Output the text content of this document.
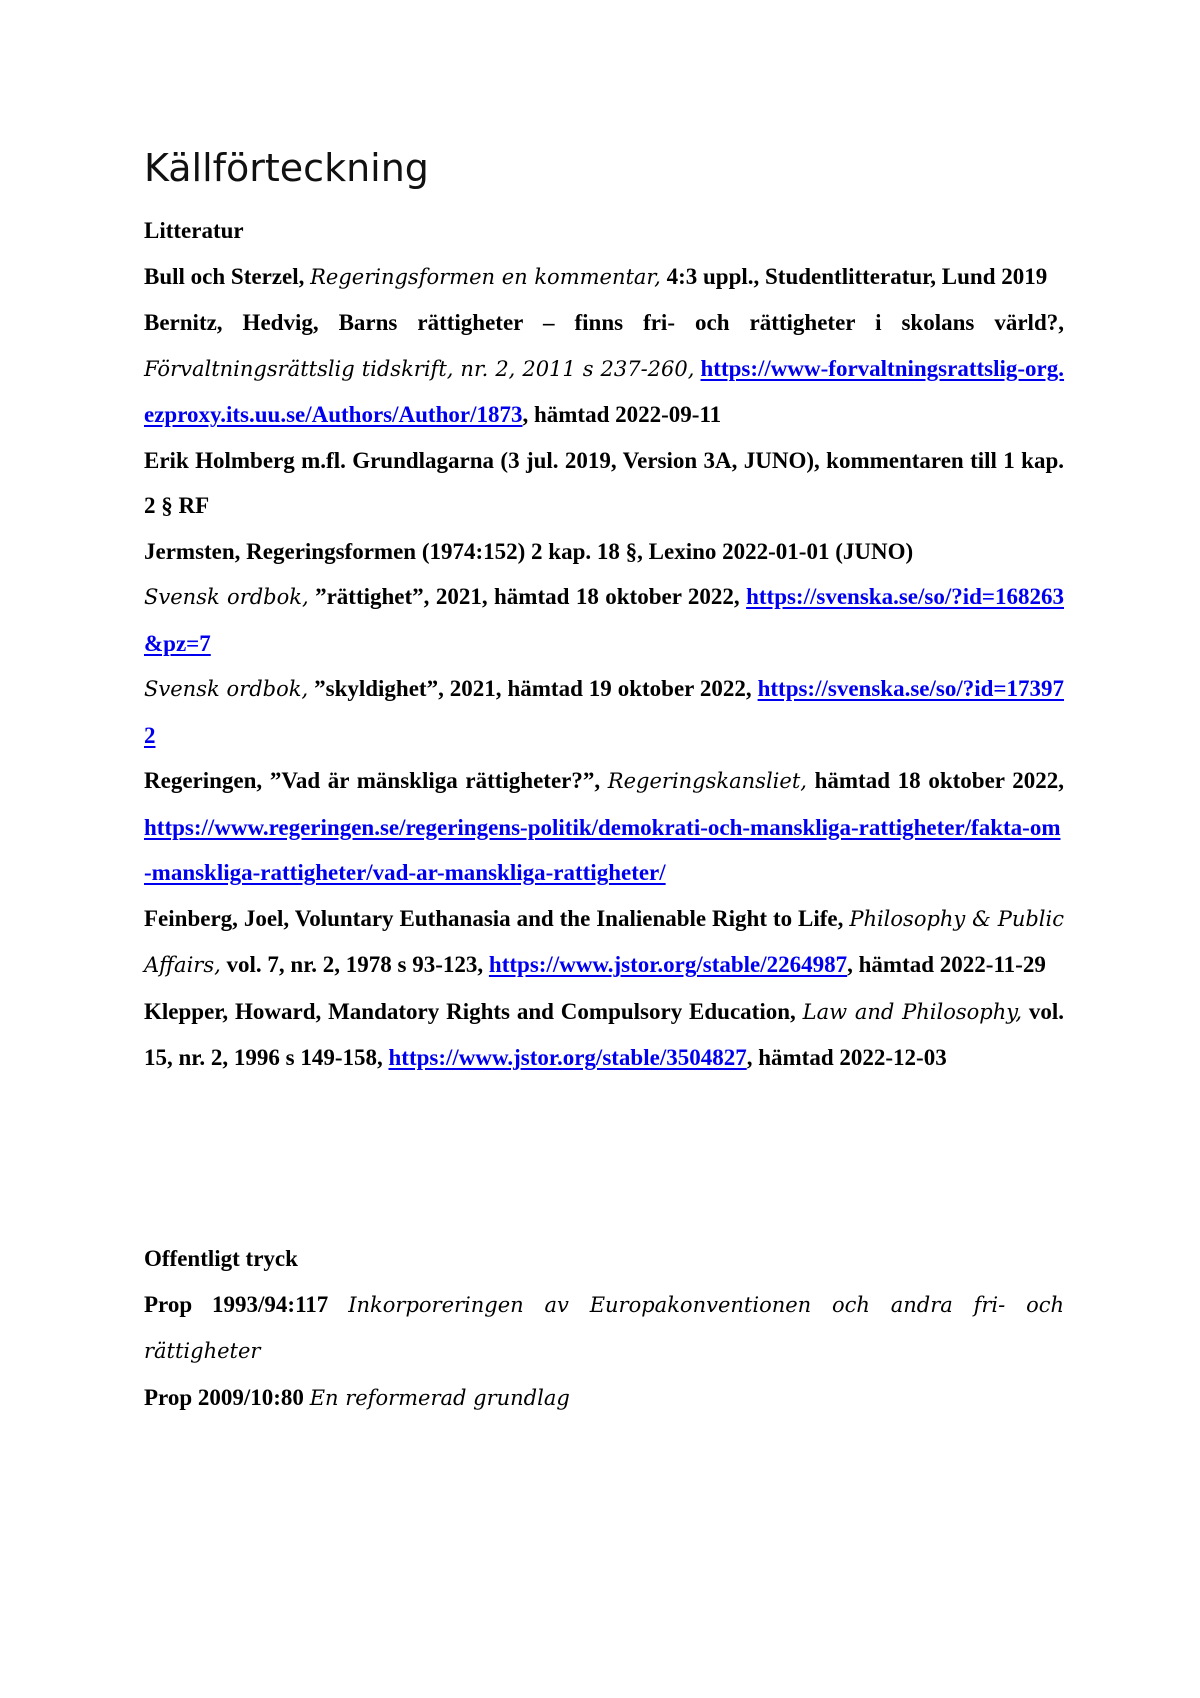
Källförteckning

Litteratur

Bull och Sterzel, Regeringsformen en kommentar, 4:3 uppl., Studentlitteratur, Lund 2019

Bernitz, Hedvig, Barns rättigheter – finns fri- och rättigheter i skolans värld?, Förvaltningsrättslig tidskrift, nr. 2, 2011 s 237-260, https://www-forvaltningsrattslig-org.ezproxy.its.uu.se/Authors/Author/1873, hämtad 2022-09-11

Erik Holmberg m.fl. Grundlagarna (3 jul. 2019, Version 3A, JUNO), kommentaren till 1 kap. 2 § RF

Jermsten, Regeringsformen (1974:152) 2 kap. 18 §, Lexino 2022-01-01 (JUNO)

Svensk ordbok, ”rättighet”, 2021, hämtad 18 oktober 2022, https://svenska.se/so/?id=168263&pz=7

Svensk ordbok, ”skyldighet”, 2021, hämtad 19 oktober 2022, https://svenska.se/so/?id=173972

Regeringen, ”Vad är mänskliga rättigheter?”, Regeringskansliet, hämtad 18 oktober 2022, https://www.regeringen.se/regeringens-politik/demokrati-och-manskliga-rattigheter/fakta-om-manskliga-rattigheter/vad-ar-manskliga-rattigheter/

Feinberg, Joel, Voluntary Euthanasia and the Inalienable Right to Life, Philosophy & Public Affairs, vol. 7, nr. 2, 1978 s 93-123, https://www.jstor.org/stable/2264987, hämtad 2022-11-29

Klepper, Howard, Mandatory Rights and Compulsory Education, Law and Philosophy, vol. 15, nr. 2, 1996 s 149-158, https://www.jstor.org/stable/3504827, hämtad 2022-12-03

Offentligt tryck

Prop 1993/94:117 Inkorporeringen av Europakonventionen och andra fri- och rättigheter

Prop 2009/10:80 En reformerad grundlag
